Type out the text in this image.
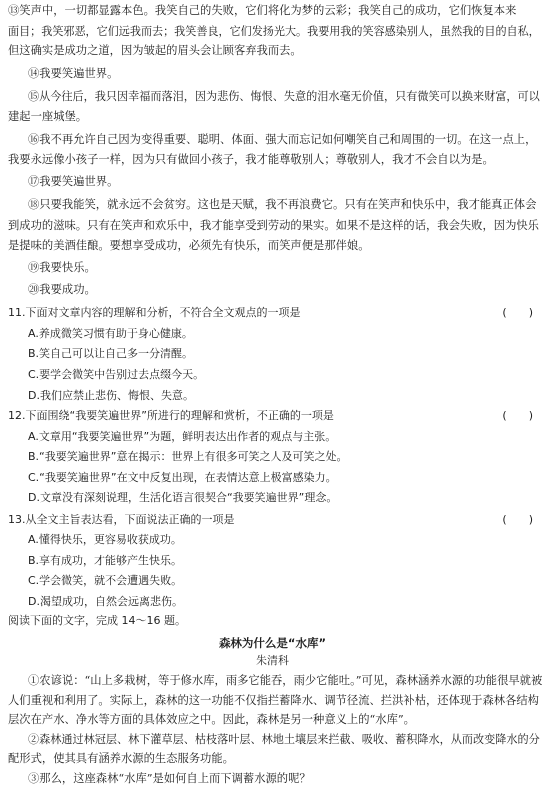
⑬笑声中，一切都显露本色。我笑自己的失败，它们将化为梦的云彩；我笑自己的成功，它们恢复本来
面目；我笑邪恶，它们远我而去；我笑善良，它们发扬光大。我要用我的笑容感染别人，虽然我的目的自私，
但这确实是成功之道，因为皱起的眉头会让顾客弃我而去。
⑭我要笑遍世界。
⑮从今往后，我只因幸福而落泪，因为悲伤、悔恨、失意的泪水毫无价值，只有微笑可以换来财富，可以
建起一座城堡。
⑯我不再允许自己因为变得重要、聪明、体面、强大而忘记如何嘲笑自己和周围的一切。在这一点上，
我要永远像小孩子一样，因为只有做回小孩子，我才能尊敬别人；尊敬别人，我才不会自以为是。
⑰我要笑遍世界。
⑱只要我能笑，就永远不会贫穷。这也是天赋，我不再浪费它。只有在笑声和快乐中，我才能真正体会
到成功的滋味。只有在笑声和欢乐中，我才能享受到劳动的果实。如果不是这样的话，我会失败，因为快乐
是提味的美酒佳酿。要想享受成功，必须先有快乐，而笑声便是那伴娘。
⑲我要快乐。
⑳我要成功。
11.下面对文章内容的理解和分析，不符合全文观点的一项是	(　　)
A.养成微笑习惯有助于身心健康。
B.笑自己可以让自己多一分清醒。
C.要学会微笑中告别过去点缀今天。
D.我们应禁止悲伤、悔恨、失意。
12.下面围绕“我要笑遍世界”所进行的理解和赏析，不正确的一项是	(　　)
A.文章用“我要笑遍世界”为题，鲜明表达出作者的观点与主张。
B.“我要笑遍世界”意在揭示：世界上有很多可笑之人及可笑之处。
C.“我要笑遍世界”在文中反复出现，在表情达意上极富感染力。
D.文章没有深刻说理，生活化语言很契合“我要笑遍世界”理念。
13.从全文主旨表达看，下面说法正确的一项是	(　　)
A.懂得快乐，更容易收获成功。
B.享有成功，才能够产生快乐。
C.学会微笑，就不会遭遇失败。
D.渴望成功，自然会远离悲伤。
阅读下面的文字，完成 14～16 题。
森林为什么是“水库”
朱清科
①农谚说：“山上多栽树，等于修水库，雨多它能吞，雨少它能吐。”可见，森林涵养水源的功能很早就被
人们重视和利用了。实际上，森林的这一功能不仅指拦蓄降水、调节径流、拦洪补枯，还体现于森林各结构
层次在产水、净水等方面的具体效应之中。因此，森林是另一种意义上的“水库”。
②森林通过林冠层、林下灌草层、枯枝落叶层、林地土壤层来拦截、吸收、蓄积降水，从而改变降水的分
配形式，使其具有涵养水源的生态服务功能。
③那么，这座森林“水库”是如何自上而下调蓄水源的呢？
